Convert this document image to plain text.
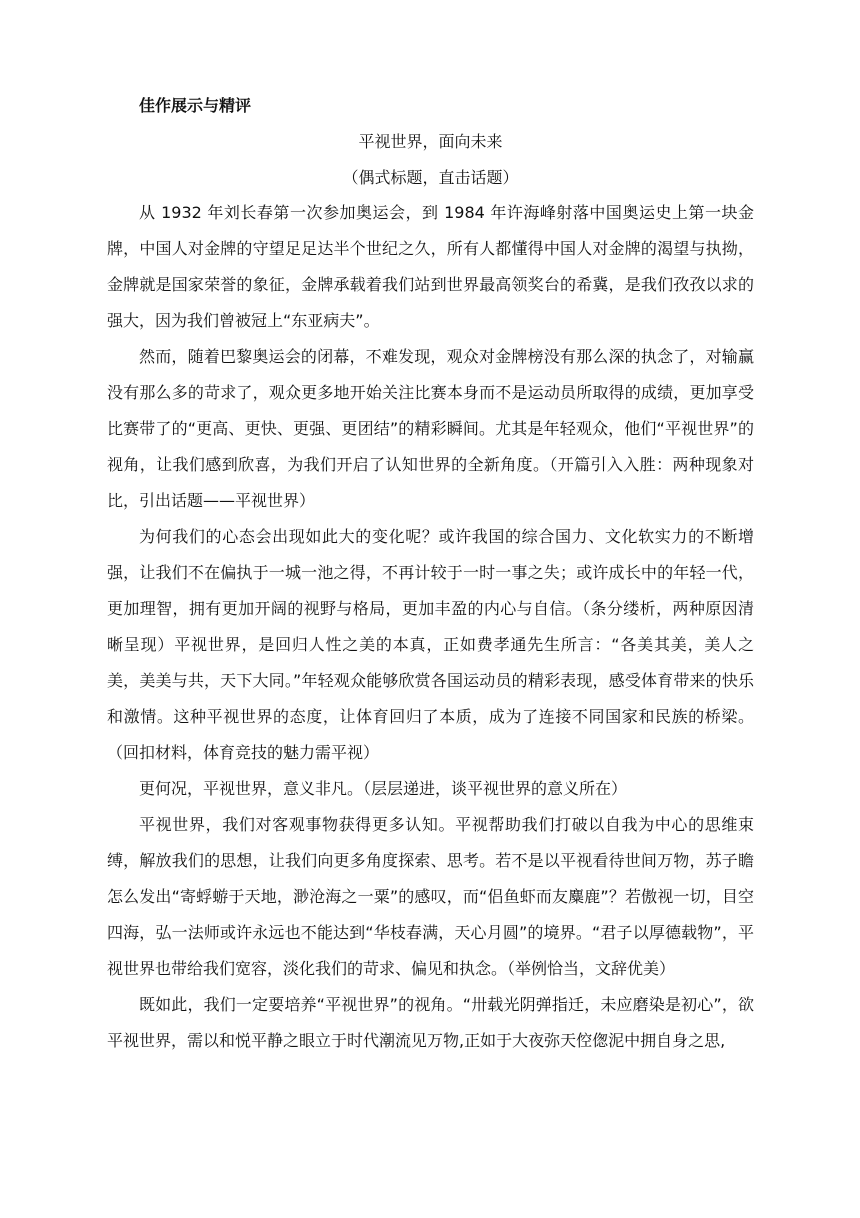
佳作展示与精评
平视世界，面向未来
（偶式标题，直击话题）

从 1932 年刘长春第一次参加奥运会，到 1984 年许海峰射落中国奥运史上第一块金牌，中国人对金牌的守望足足达半个世纪之久，所有人都懂得中国人对金牌的渴望与执拗，金牌就是国家荣誉的象征，金牌承载着我们站到世界最高领奖台的希冀，是我们孜孜以求的强大，因为我们曾被冠上“东亚病夫”。

然而，随着巴黎奥运会的闭幕，不难发现，观众对金牌榜没有那么深的执念了，对输赢没有那么多的苛求了，观众更多地开始关注比赛本身而不是运动员所取得的成绩，更加享受比赛带了的“更高、更快、更强、更团结”的精彩瞬间。尤其是年轻观众，他们“平视世界”的视角，让我们感到欣喜，为我们开启了认知世界的全新角度。（开篇引入入胜：两种现象对比，引出话题——平视世界）

为何我们的心态会出现如此大的变化呢？或许我国的综合国力、文化软实力的不断增强，让我们不在偏执于一城一池之得，不再计较于一时一事之失；或许成长中的年轻一代，更加理智，拥有更加开阔的视野与格局，更加丰盈的内心与自信。（条分缕析，两种原因清晰呈现）平视世界，是回归人性之美的本真，正如费孝通先生所言：“各美其美，美人之美，美美与共，天下大同。”年轻观众能够欣赏各国运动员的精彩表现，感受体育带来的快乐和激情。这种平视世界的态度，让体育回归了本质，成为了连接不同国家和民族的桥梁。（回扣材料，体育竞技的魅力需平视）

更何况，平视世界，意义非凡。（层层递进，谈平视世界的意义所在）

平视世界，我们对客观事物获得更多认知。平视帮助我们打破以自我为中心的思维束缚，解放我们的思想，让我们向更多角度探索、思考。若不是以平视看待世间万物，苏子瞻怎么发出“寄蜉蝣于天地，渺沧海之一粟”的感叹，而“侣鱼虾而友麋鹿”？若傲视一切，目空四海，弘一法师或许永远也不能达到“华枝春满，天心月圆”的境界。“君子以厚德载物”，平视世界也带给我们宽容，淡化我们的苛求、偏见和执念。（举例恰当，文辞优美）

既如此，我们一定要培养“平视世界”的视角。“卅载光阴弹指迁，未应磨染是初心”，欲平视世界，需以和悦平静之眼立于时代潮流见万物,正如于大夜弥天倥偬泥中拥自身之思,
